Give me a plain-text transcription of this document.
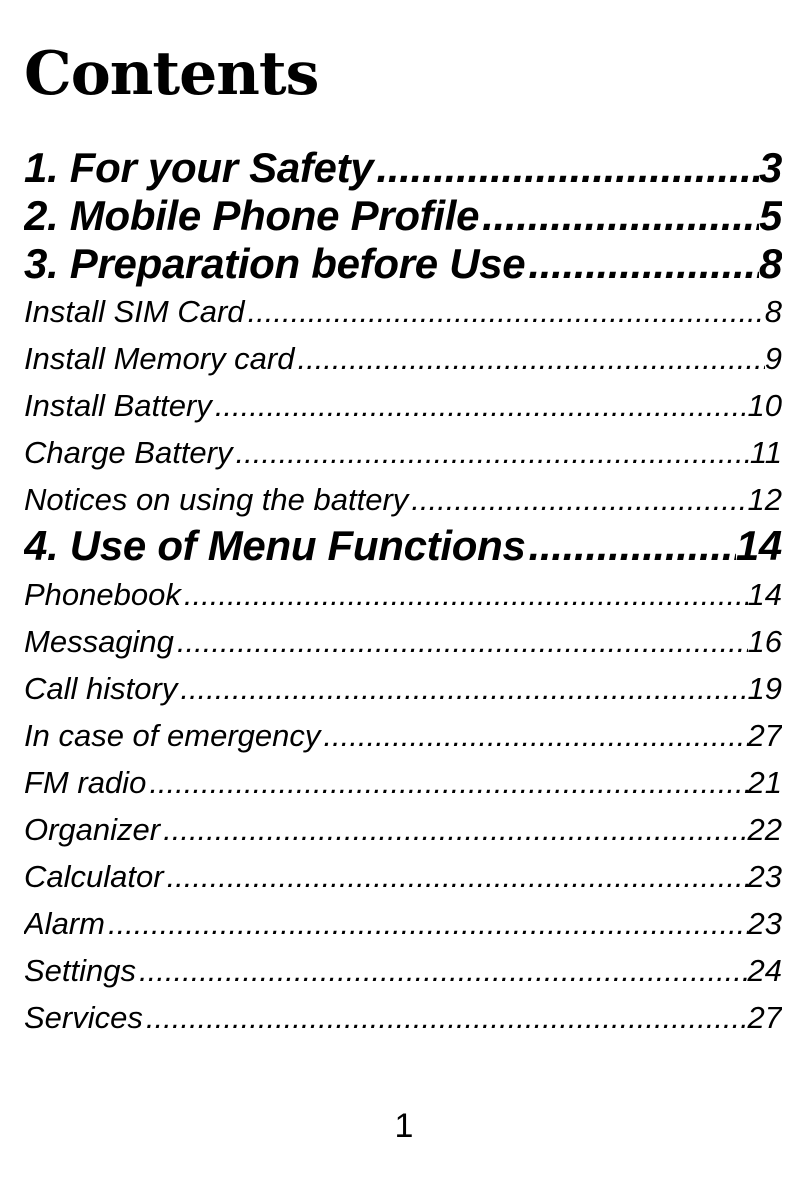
Contents
1. For your Safety .....	3
2. Mobile Phone Profile .....	5
3. Preparation before Use .....	8
Install SIM Card .....	8
Install Memory card .....	9
Install Battery .....	10
Charge Battery .....	11
Notices on using the battery .....	12
4. Use of Menu Functions .....	14
Phonebook .....	14
Messaging .....	16
Call history .....	19
In case of emergency .....	27
FM radio .....	21
Organizer .....	22
Calculator .....	23
Alarm .....	23
Settings .....	24
Services .....	27
1
